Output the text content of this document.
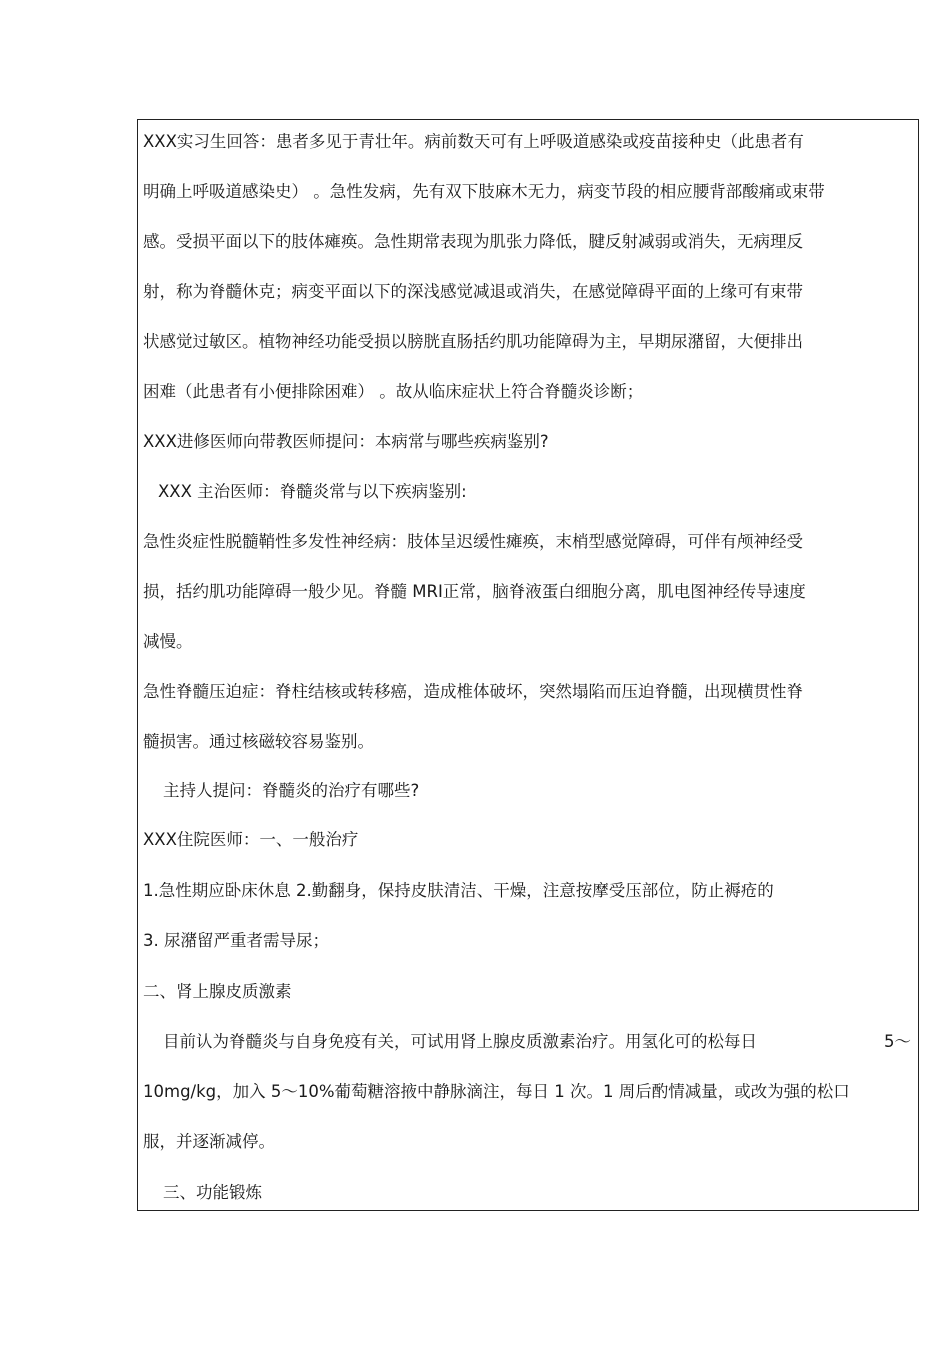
XXX实习生回答：患者多见于青壮年。病前数天可有上呼吸道感染或疫苗接种史（此患者有
明确上呼吸道感染史） 。急性发病，先有双下肢麻木无力，病变节段的相应腰背部酸痛或束带
感。受损平面以下的肢体瘫痪。急性期常表现为肌张力降低，腱反射减弱或消失，无病理反
射，称为脊髓休克；病变平面以下的深浅感觉减退或消失，在感觉障碍平面的上缘可有束带
状感觉过敏区。植物神经功能受损以膀胱直肠括约肌功能障碍为主，早期尿潴留，大便排出
困难（此患者有小便排除困难） 。故从临床症状上符合脊髓炎诊断；
XXX进修医师向带教医师提问：本病常与哪些疾病鉴别?
XXX 主治医师：脊髓炎常与以下疾病鉴别:
急性炎症性脱髓鞘性多发性神经病：肢体呈迟缓性瘫痪，末梢型感觉障碍，可伴有颅神经受
损，括约肌功能障碍一般少见。脊髓 MRI正常，脑脊液蛋白细胞分离，肌电图神经传导速度
减慢。
急性脊髓压迫症：脊柱结核或转移癌，造成椎体破坏，突然塌陷而压迫脊髓，出现横贯性脊
髓损害。通过核磁较容易鉴别。
主持人提问：脊髓炎的治疗有哪些?
XXX住院医师：一、一般治疗
1.急性期应卧床休息 2.勤翻身，保持皮肤清洁、干燥，注意按摩受压部位，防止褥疮的
3. 尿潴留严重者需导尿；
二、肾上腺皮质激素
目前认为脊髓炎与自身免疫有关，可试用肾上腺皮质激素治疗。用氢化可的松每日	5～
10mg/kg，加入 5～10%葡萄糖溶掖中静脉滴注，每日 1 次。1 周后酌情减量，或改为强的松口
服，并逐渐减停。
三、功能锻炼
